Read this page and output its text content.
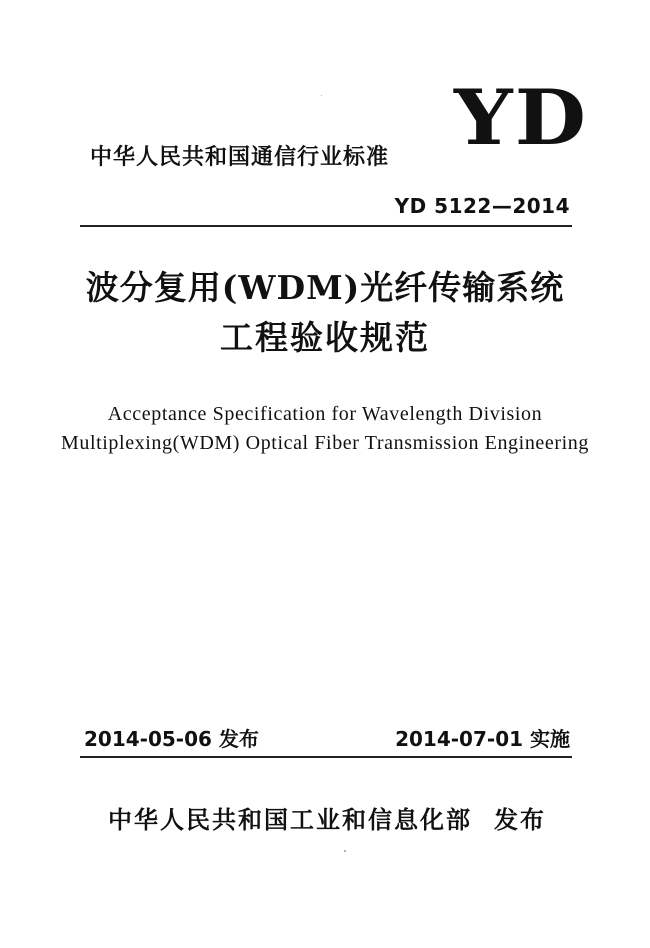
中华人民共和国通信行业标准 YD
YD 5122—2014
波分复用(WDM)光纤传输系统
工程验收规范
Acceptance Specification for Wavelength Division
Multiplexing(WDM) Optical Fiber Transmission Engineering
2014-05-06 发布	2014-07-01 实施
中华人民共和国工业和信息化部 发布
